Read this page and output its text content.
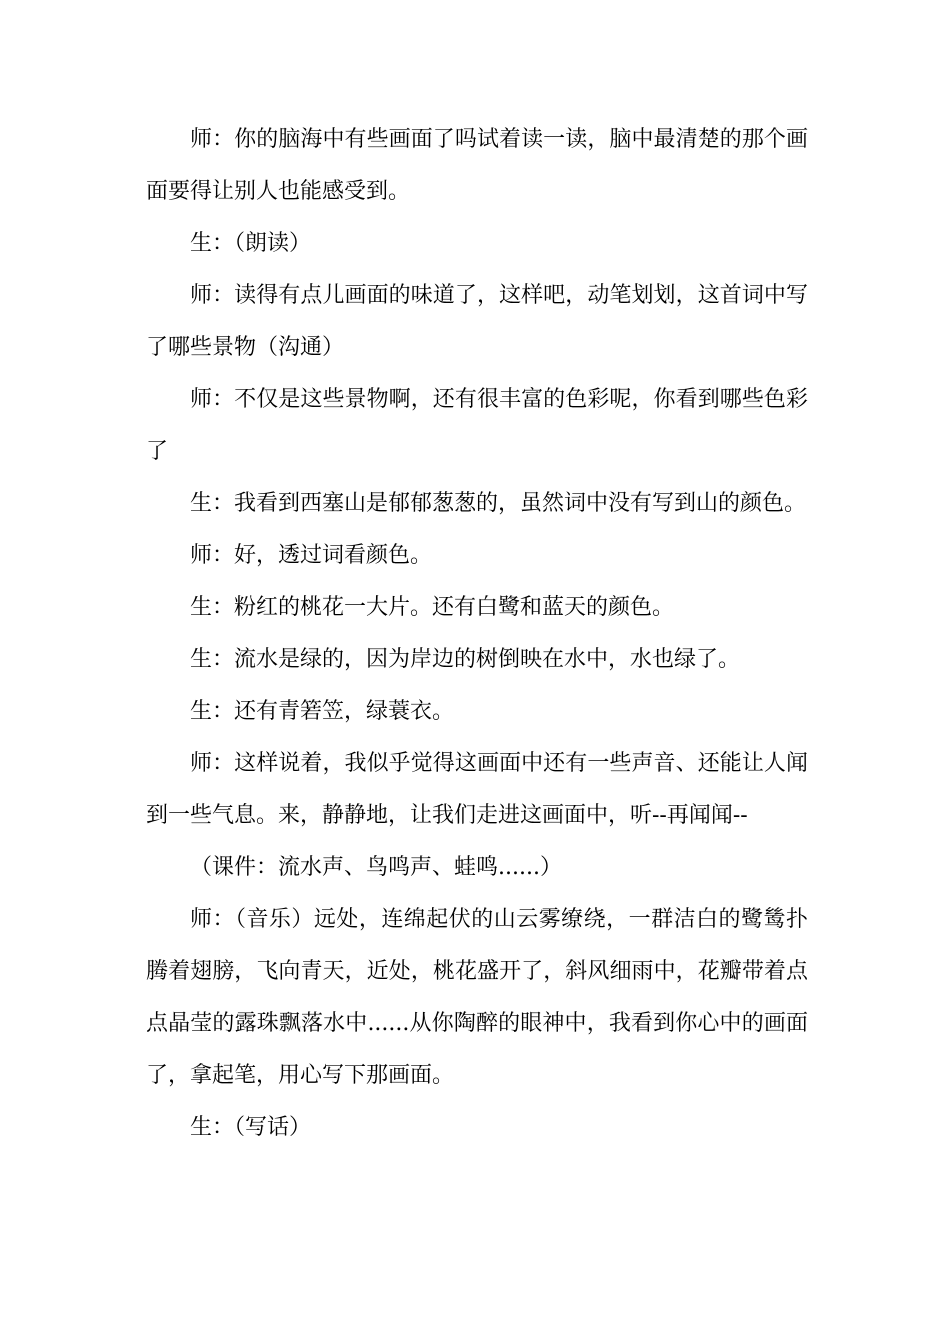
师：你的脑海中有些画面了吗试着读一读，脑中最清楚的那个画面要得让别人也能感受到。

生：（朗读）

师：读得有点儿画面的味道了，这样吧，动笔划划，这首词中写了哪些景物（沟通）

师：不仅是这些景物啊，还有很丰富的色彩呢，你看到哪些色彩了

生：我看到西塞山是郁郁葱葱的，虽然词中没有写到山的颜色。

师：好，透过词看颜色。

生：粉红的桃花一大片。还有白鹭和蓝天的颜色。

生：流水是绿的，因为岸边的树倒映在水中，水也绿了。

生：还有青箬笠，绿蓑衣。

师：这样说着，我似乎觉得这画面中还有一些声音、还能让人闻到一些气息。来，静静地，让我们走进这画面中，听--再闻闻--

（课件：流水声、鸟鸣声、蛙鸣......）

师：（音乐）远处，连绵起伏的山云雾缭绕，一群洁白的鹭鸶扑腾着翅膀，飞向青天，近处，桃花盛开了，斜风细雨中，花瓣带着点点晶莹的露珠飘落水中......从你陶醉的眼神中，我看到你心中的画面了，拿起笔，用心写下那画面。

生：（写话）
